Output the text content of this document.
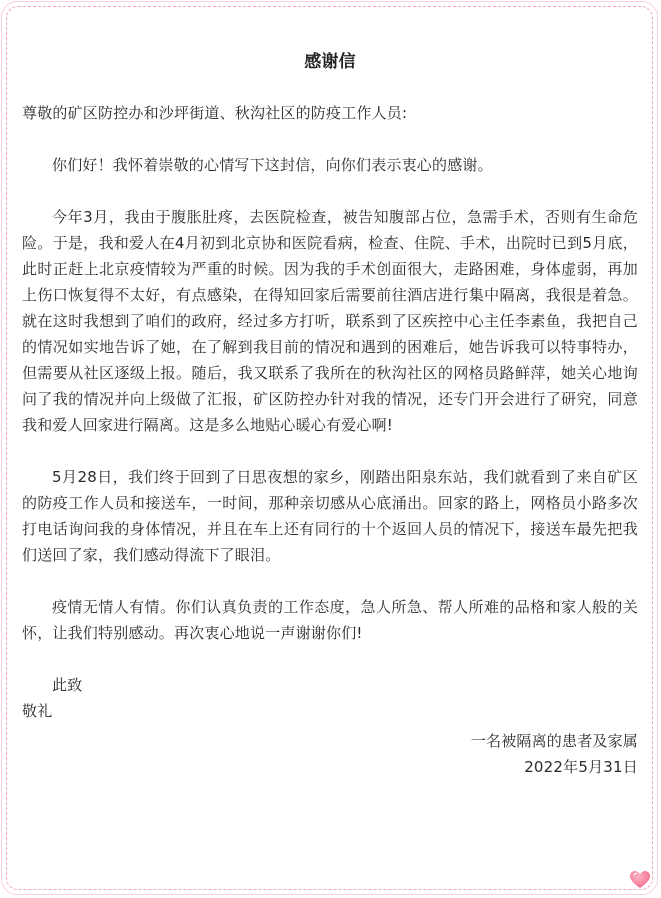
感谢信

尊敬的矿区防控办和沙坪街道、秋沟社区的防疫工作人员:

你们好！我怀着崇敬的心情写下这封信，向你们表示衷心的感谢。

今年3月，我由于腹胀肚疼，去医院检查，被告知腹部占位，急需手术，否则有生命危险。于是，我和爱人在4月初到北京协和医院看病，检查、住院、手术，出院时已到5月底，此时正赶上北京疫情较为严重的时候。因为我的手术创面很大，走路困难，身体虚弱，再加上伤口恢复得不太好，有点感染，在得知回家后需要前往酒店进行集中隔离，我很是着急。就在这时我想到了咱们的政府，经过多方打听，联系到了区疾控中心主任李素鱼，我把自己的情况如实地告诉了她，在了解到我目前的情况和遇到的困难后，她告诉我可以特事特办，但需要从社区逐级上报。随后，我又联系了我所在的秋沟社区的网格员路鲜萍，她关心地询问了我的情况并向上级做了汇报，矿区防控办针对我的情况，还专门开会进行了研究，同意我和爱人回家进行隔离。这是多么地贴心暖心有爱心啊!

5月28日，我们终于回到了日思夜想的家乡，刚踏出阳泉东站，我们就看到了来自矿区的防疫工作人员和接送车，一时间，那种亲切感从心底涌出。回家的路上，网格员小路多次打电话询问我的身体情况，并且在车上还有同行的十个返回人员的情况下，接送车最先把我们送回了家，我们感动得流下了眼泪。

疫情无情人有情。你们认真负责的工作态度，急人所急、帮人所难的品格和家人般的关怀，让我们特别感动。再次衷心地说一声谢谢你们!

此致

敬礼

一名被隔离的患者及家属

2022年5月31日
